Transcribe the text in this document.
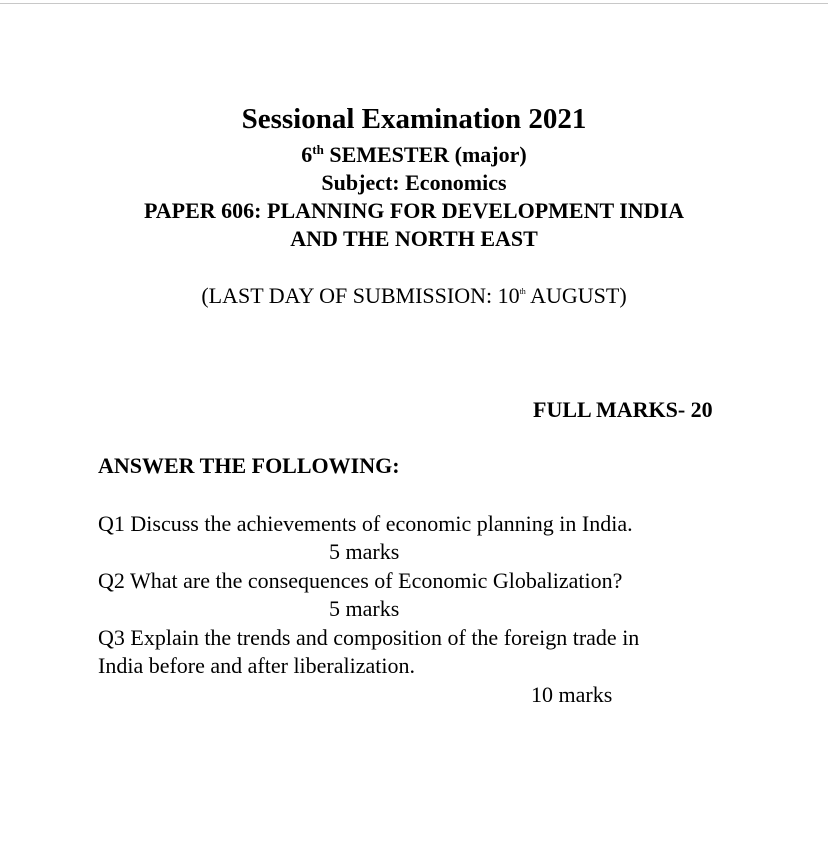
Sessional Examination 2021
6th SEMESTER (major)
Subject: Economics
PAPER 606: PLANNING FOR DEVELOPMENT INDIA
AND THE NORTH EAST
(LAST DAY OF SUBMISSION: 10th AUGUST)
FULL MARKS- 20
ANSWER THE FOLLOWING:
Q1 Discuss the achievements of economic planning in India.
5 marks
Q2 What are the consequences of Economic Globalization?
5 marks
Q3 Explain the trends and composition of the foreign trade in
India before and after liberalization.
10 marks
